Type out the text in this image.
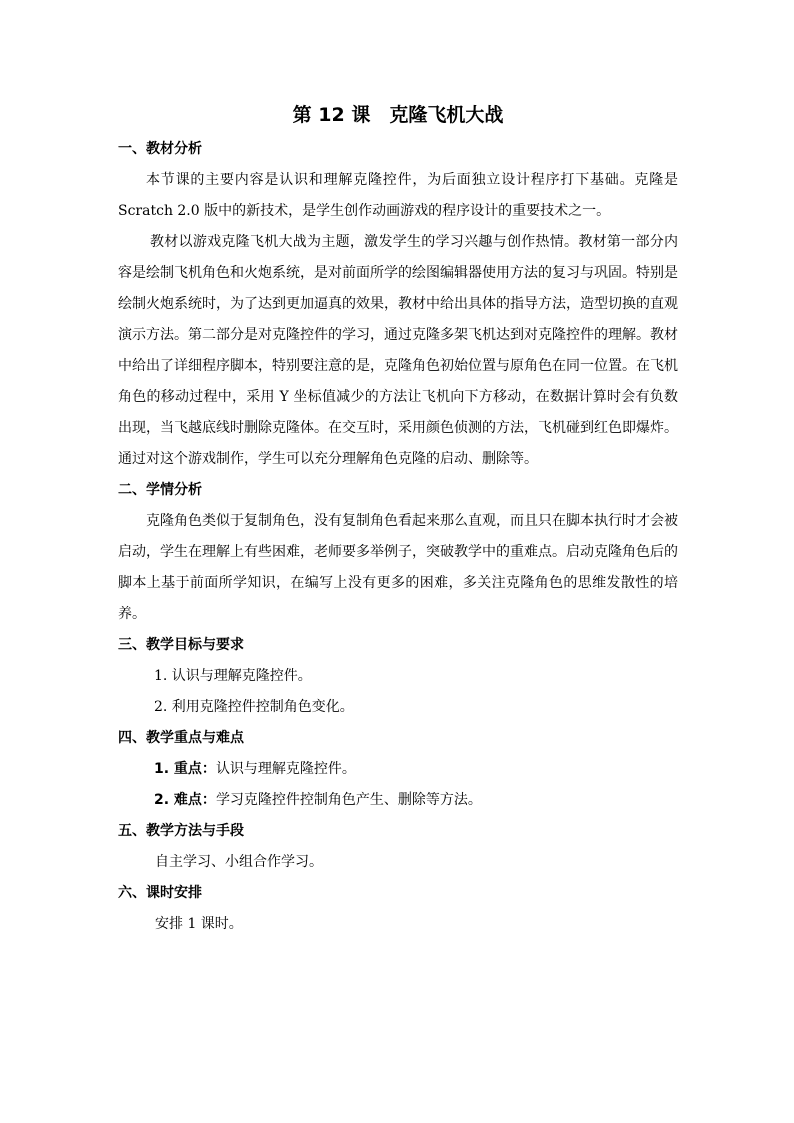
第 12 课　克隆飞机大战
一、教材分析

本节课的主要内容是认识和理解克隆控件，为后面独立设计程序打下基础。克隆是 Scratch 2.0 版中的新技术，是学生创作动画游戏的程序设计的重要技术之一。

教材以游戏克隆飞机大战为主题，激发学生的学习兴趣与创作热情。教材第一部分内容是绘制飞机角色和火炮系统，是对前面所学的绘图编辑器使用方法的复习与巩固。特别是绘制火炮系统时，为了达到更加逼真的效果，教材中给出具体的指导方法，造型切换的直观演示方法。第二部分是对克隆控件的学习，通过克隆多架飞机达到对克隆控件的理解。教材中给出了详细程序脚本，特别要注意的是，克隆角色初始位置与原角色在同一位置。在飞机角色的移动过程中，采用 Y 坐标值减少的方法让飞机向下方移动，在数据计算时会有负数出现，当飞越底线时删除克隆体。在交互时，采用颜色侦测的方法，飞机碰到红色即爆炸。通过对这个游戏制作，学生可以充分理解角色克隆的启动、删除等。

二、学情分析

克隆角色类似于复制角色，没有复制角色看起来那么直观，而且只在脚本执行时才会被启动，学生在理解上有些困难，老师要多举例子，突破教学中的重难点。启动克隆角色后的脚本上基于前面所学知识，在编写上没有更多的困难，多关注克隆角色的思维发散性的培养。

三、教学目标与要求

1. 认识与理解克隆控件。

2. 利用克隆控件控制角色变化。

四、教学重点与难点

1. 重点：认识与理解克隆控件。

2. 难点：学习克隆控件控制角色产生、删除等方法。

五、教学方法与手段

自主学习、小组合作学习。

六、课时安排

安排 1 课时。
